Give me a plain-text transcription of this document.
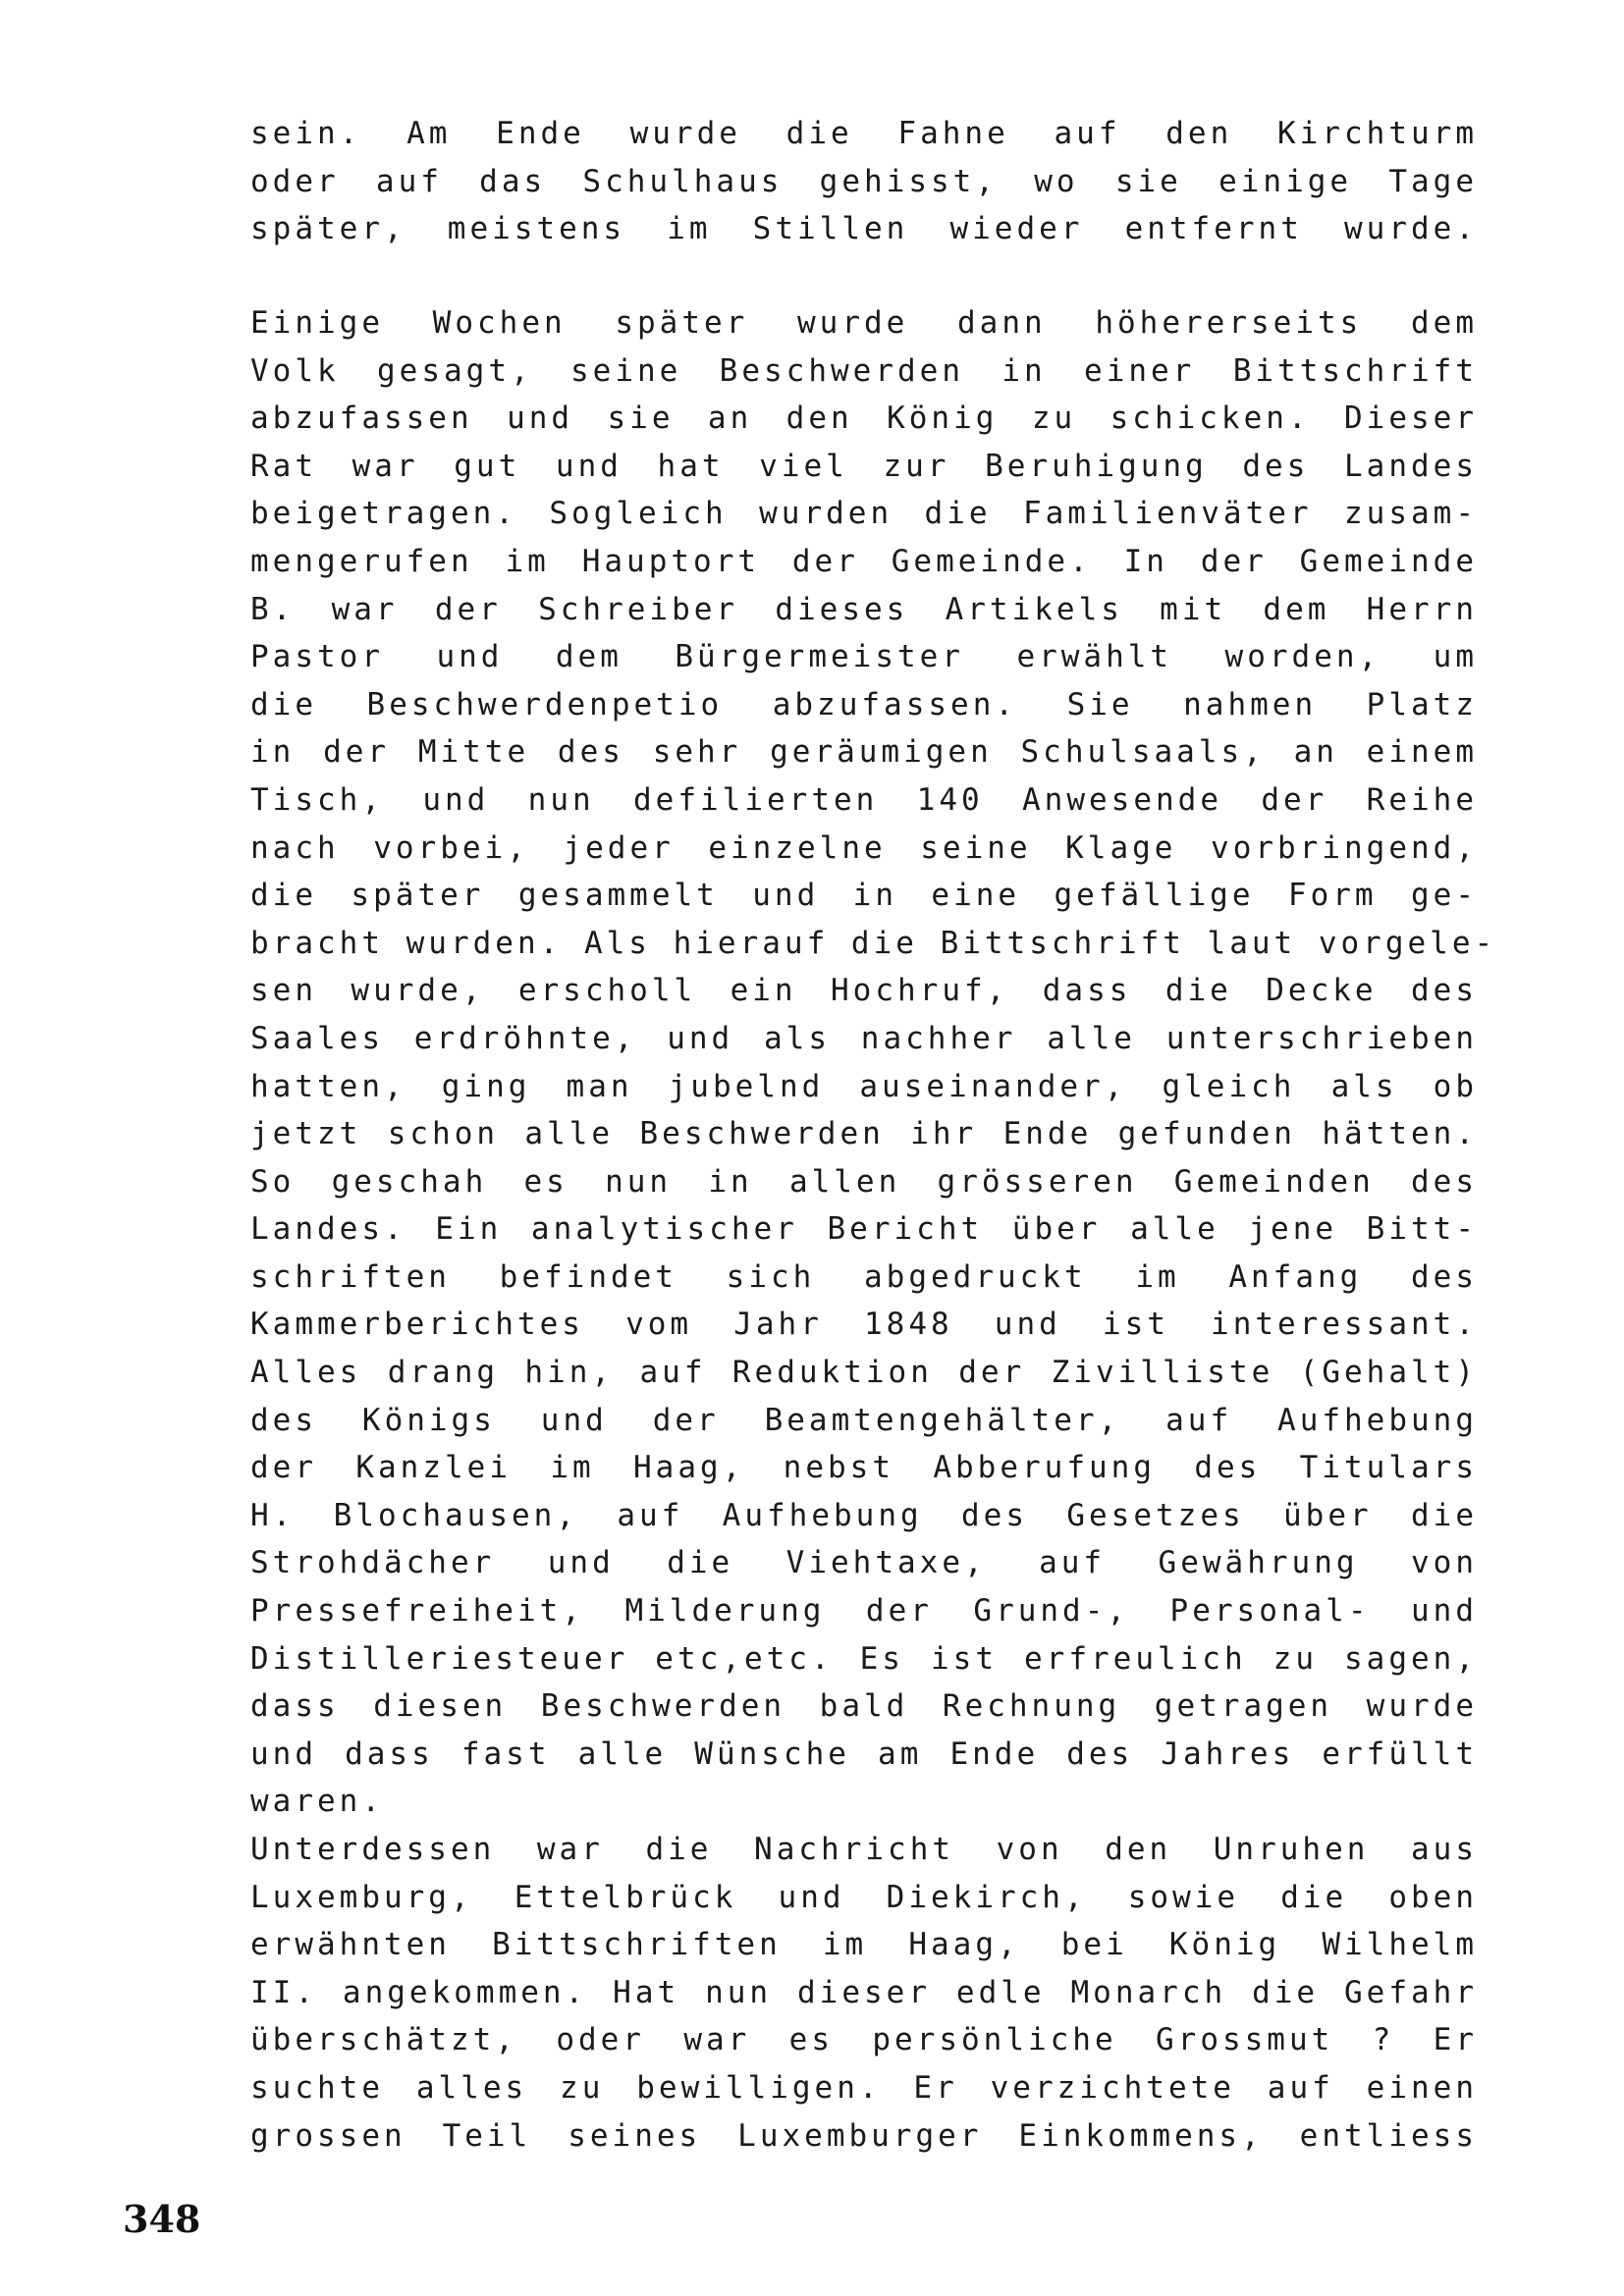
sein. Am Ende wurde die Fahne auf den Kirchturm
oder auf das Schulhaus gehisst, wo sie einige Tage
später, meistens im Stillen wieder entfernt wurde.
Einige Wochen später wurde dann höhererseits dem
Volk gesagt, seine Beschwerden in einer Bittschrift
abzufassen und sie an den König zu schicken. Dieser
Rat war gut und hat viel zur Beruhigung des Landes
beigetragen. Sogleich wurden die Familienväter zusam-
mengerufen im Hauptort der Gemeinde. In der Gemeinde
B. war der Schreiber dieses Artikels mit dem Herrn
Pastor und dem Bürgermeister erwählt worden, um
die Beschwerdenpetio abzufassen. Sie nahmen Platz
in der Mitte des sehr geräumigen Schulsaals, an einem
Tisch, und nun defilierten 140 Anwesende der Reihe
nach vorbei, jeder einzelne seine Klage vorbringend,
die später gesammelt und in eine gefällige Form ge-
bracht wurden. Als hierauf die Bittschrift laut vorgele-
sen wurde, erscholl ein Hochruf, dass die Decke des
Saales erdröhnte, und als nachher alle unterschrieben
hatten, ging man jubelnd auseinander, gleich als ob
jetzt schon alle Beschwerden ihr Ende gefunden hätten.
So geschah es nun in allen grösseren Gemeinden des
Landes. Ein analytischer Bericht über alle jene Bitt-
schriften befindet sich abgedruckt im Anfang des
Kammerberichtes vom Jahr 1848 und ist interessant.
Alles drang hin, auf Reduktion der Zivilliste (Gehalt)
des Königs und der Beamtengehälter, auf Aufhebung
der Kanzlei im Haag, nebst Abberufung des Titulars
H. Blochausen, auf Aufhebung des Gesetzes über die
Strohdächer und die Viehtaxe, auf Gewährung von
Pressefreiheit, Milderung der Grund-, Personal- und
Distilleriesteuer etc,etc. Es ist erfreulich zu sagen,
dass diesen Beschwerden bald Rechnung getragen wurde
und dass fast alle Wünsche am Ende des Jahres erfüllt
waren.
Unterdessen war die Nachricht von den Unruhen aus
Luxemburg, Ettelbrück und Diekirch, sowie die oben
erwähnten Bittschriften im Haag, bei König Wilhelm
II. angekommen. Hat nun dieser edle Monarch die Gefahr
überschätzt, oder war es persönliche Grossmut ? Er
suchte alles zu bewilligen. Er verzichtete auf einen
grossen Teil seines Luxemburger Einkommens, entliess
348
